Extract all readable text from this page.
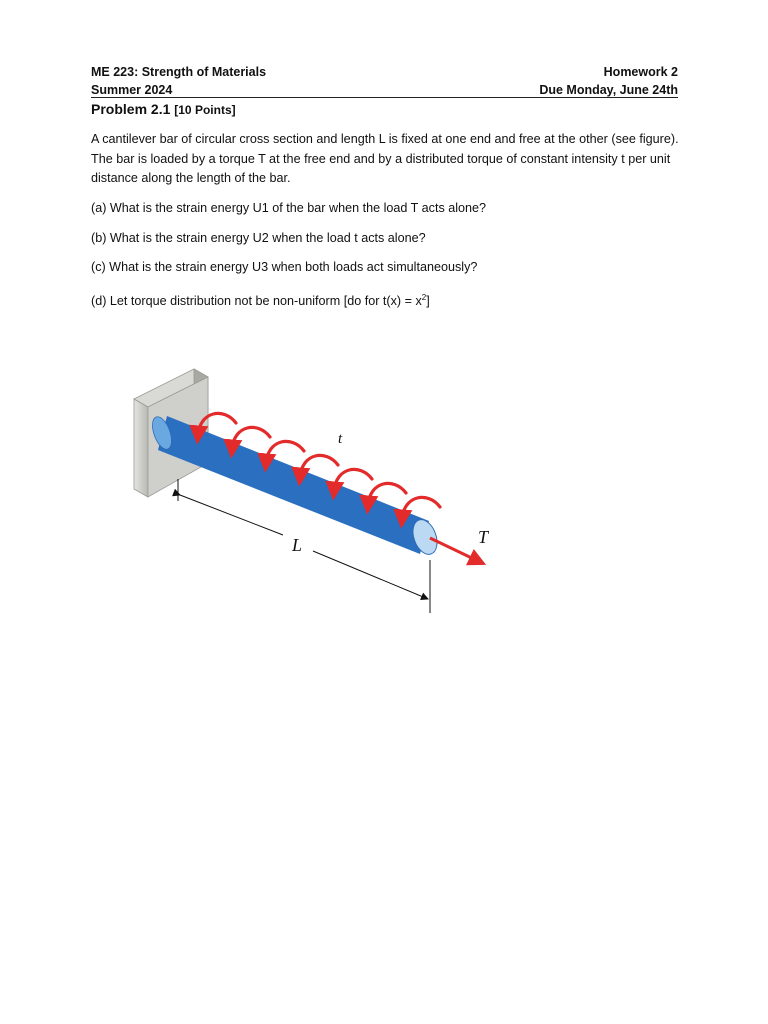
ME 223: Strength of Materials	Homework 2
Summer 2024	Due Monday, June 24th
Problem 2.1 [10 Points]
A cantilever bar of circular cross section and length L is fixed at one end and free at the other (see figure). The bar is loaded by a torque T at the free end and by a distributed torque of constant intensity t per unit distance along the length of the bar.
(a) What is the strain energy U1 of the bar when the load T acts alone?
(b) What is the strain energy U2 when the load t acts alone?
(c) What is the strain energy U3 when both loads act simultaneously?
(d) Let torque distribution not be non-uniform [do for $t(x) = x^2$]
t
L	T
